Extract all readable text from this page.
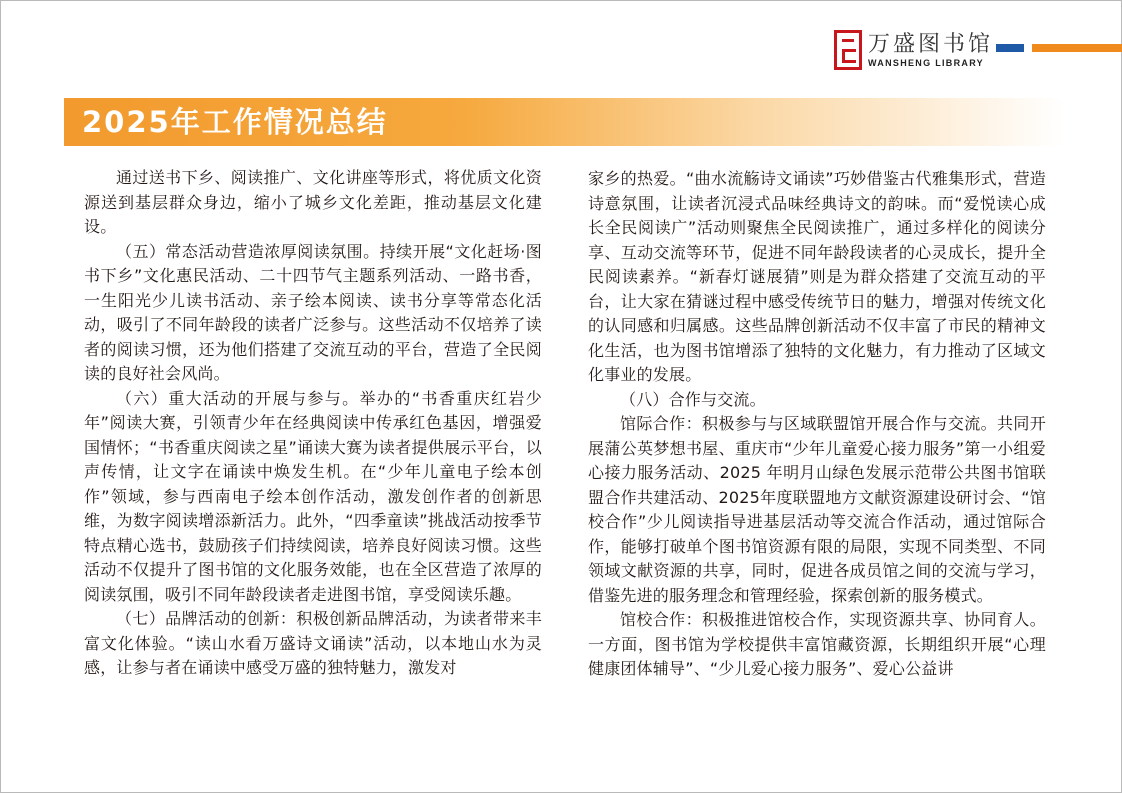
万盛图书馆
WANSHENG LIBRARY
2025年工作情况总结

通过送书下乡、阅读推广、文化讲座等形式，将优质文化资源送到基层群众身边，缩小了城乡文化差距，推动基层文化建设。

（五）常态活动营造浓厚阅读氛围。持续开展“文化赶场·图书下乡”文化惠民活动、二十四节气主题系列活动、一路书香，一生阳光少儿读书活动、亲子绘本阅读、读书分享等常态化活动，吸引了不同年龄段的读者广泛参与。这些活动不仅培养了读者的阅读习惯，还为他们搭建了交流互动的平台，营造了全民阅读的良好社会风尚。

（六）重大活动的开展与参与。举办的“书香重庆红岩少年”阅读大赛，引领青少年在经典阅读中传承红色基因，增强爱国情怀；“书香重庆阅读之星”诵读大赛为读者提供展示平台，以声传情，让文字在诵读中焕发生机。在“少年儿童电子绘本创作”领域，参与西南电子绘本创作活动，激发创作者的创新思维，为数字阅读增添新活力。此外，“四季童读”挑战活动按季节特点精心选书，鼓励孩子们持续阅读，培养良好阅读习惯。这些活动不仅提升了图书馆的文化服务效能，也在全区营造了浓厚的阅读氛围，吸引不同年龄段读者走进图书馆，享受阅读乐趣。

（七）品牌活动的创新：积极创新品牌活动，为读者带来丰富文化体验。“读山水看万盛诗文诵读”活动，以本地山水为灵感，让参与者在诵读中感受万盛的独特魅力，激发对

家乡的热爱。“曲水流觞诗文诵读”巧妙借鉴古代雅集形式，营造诗意氛围，让读者沉浸式品味经典诗文的韵味。而“爱悦读心成长全民阅读广”活动则聚焦全民阅读推广，通过多样化的阅读分享、互动交流等环节，促进不同年龄段读者的心灵成长，提升全民阅读素养。“新春灯谜展猜”则是为群众搭建了交流互动的平台，让大家在猜谜过程中感受传统节日的魅力，增强对传统文化的认同感和归属感。这些品牌创新活动不仅丰富了市民的精神文化生活，也为图书馆增添了独特的文化魅力，有力推动了区域文化事业的发展。

（八）合作与交流。

馆际合作：积极参与与区域联盟馆开展合作与交流。共同开展蒲公英梦想书屋、重庆市“少年儿童爱心接力服务”第一小组爱心接力服务活动、2025 年明月山绿色发展示范带公共图书馆联盟合作共建活动、2025年度联盟地方文献资源建设研讨会、“馆校合作”少儿阅读指导进基层活动等交流合作活动，通过馆际合作，能够打破单个图书馆资源有限的局限，实现不同类型、不同领域文献资源的共享，同时，促进各成员馆之间的交流与学习，借鉴先进的服务理念和管理经验，探索创新的服务模式。

馆校合作：积极推进馆校合作，实现资源共享、协同育人。一方面，图书馆为学校提供丰富馆藏资源，长期组织开展“心理健康团体辅导”、“少儿爱心接力服务”、爱心公益讲
